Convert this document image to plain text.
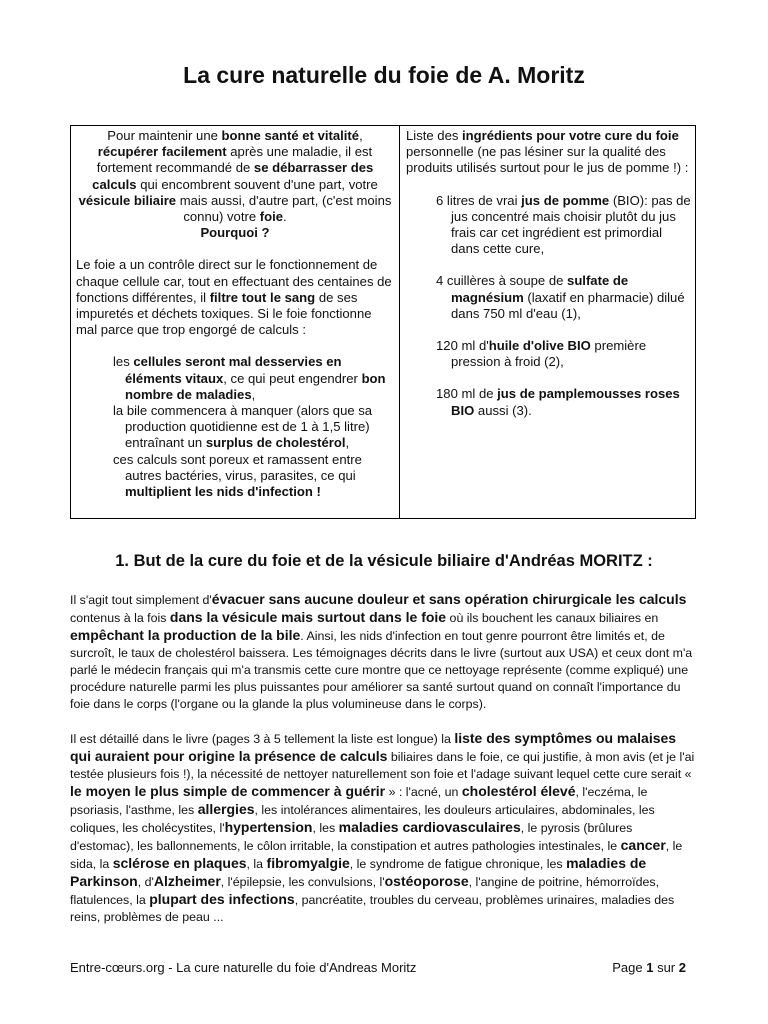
La cure naturelle du foie de A. Moritz

Pour maintenir une bonne santé et vitalité, récupérer facilement après une maladie, il est fortement recommandé de se débarrasser des calculs qui encombrent souvent d'une part, votre vésicule biliaire mais aussi, d'autre part, (c'est moins connu) votre foie.

Pourquoi ?

Le foie a un contrôle direct sur le fonctionnement de chaque cellule car, tout en effectuant des centaines de fonctions différentes, il filtre tout le sang de ses impuretés et déchets toxiques. Si le foie fonctionne mal parce que trop engorgé de calculs :

les cellules seront mal desservies en éléments vitaux, ce qui peut engendrer bon nombre de maladies,

la bile commencera à manquer (alors que sa production quotidienne est de 1 à 1,5 litre) entraînant un surplus de cholestérol,

ces calculs sont poreux et ramassent entre autres bactéries, virus, parasites, ce qui multiplient les nids d'infection !

Liste des ingrédients pour votre cure du foie personnelle (ne pas lésiner sur la qualité des produits utilisés surtout pour le jus de pomme !) :

6 litres de vrai jus de pomme (BIO): pas de jus concentré mais choisir plutôt du jus frais car cet ingrédient est primordial dans cette cure,

4 cuillères à soupe de sulfate de magnésium (laxatif en pharmacie) dilué dans 750 ml d'eau (1),

120 ml d'huile d'olive BIO première pression à froid (2),

180 ml de jus de pamplemousses roses BIO aussi (3).

1. But de la cure du foie et de la vésicule biliaire d'Andréas MORITZ :

Il s'agit tout simplement d'évacuer sans aucune douleur et sans opération chirurgicale les calculs contenus à la fois dans la vésicule mais surtout dans le foie où ils bouchent les canaux biliaires en empêchant la production de la bile. Ainsi, les nids d'infection en tout genre pourront être limités et, de surcroît, le taux de cholestérol baissera. Les témoignages décrits dans le livre (surtout aux USA) et ceux dont m'a parlé le médecin français qui m'a transmis cette cure montre que ce nettoyage représente (comme expliqué) une procédure naturelle parmi les plus puissantes pour améliorer sa santé surtout quand on connaît l'importance du foie dans le corps (l'organe ou la glande la plus volumineuse dans le corps).

Il est détaillé dans le livre (pages 3 à 5 tellement la liste est longue) la liste des symptômes ou malaises qui auraient pour origine la présence de calculs biliaires dans le foie, ce qui justifie, à mon avis (et je l'ai testée plusieurs fois !), la nécessité de nettoyer naturellement son foie et l'adage suivant lequel cette cure serait « le moyen le plus simple de commencer à guérir » : l'acné, un cholestérol élevé, l'eczéma, le psoriasis, l'asthme, les allergies, les intolérances alimentaires, les douleurs articulaires, abdominales, les coliques, les cholécystites, l'hypertension, les maladies cardiovasculaires, le pyrosis (brûlures d'estomac), les ballonnements, le côlon irritable, la constipation et autres pathologies intestinales, le cancer, le sida, la sclérose en plaques, la fibromyalgie, le syndrome de fatigue chronique, les maladies de Parkinson, d'Alzheimer, l'épilepsie, les convulsions, l'ostéoporose, l'angine de poitrine, hémorroïdes, flatulences, la plupart des infections, pancréatite, troubles du cerveau, problèmes urinaires, maladies des reins, problèmes de peau ...

Entre-cœurs.org - La cure naturelle du foie d'Andreas Moritz	Page 1 sur 2
